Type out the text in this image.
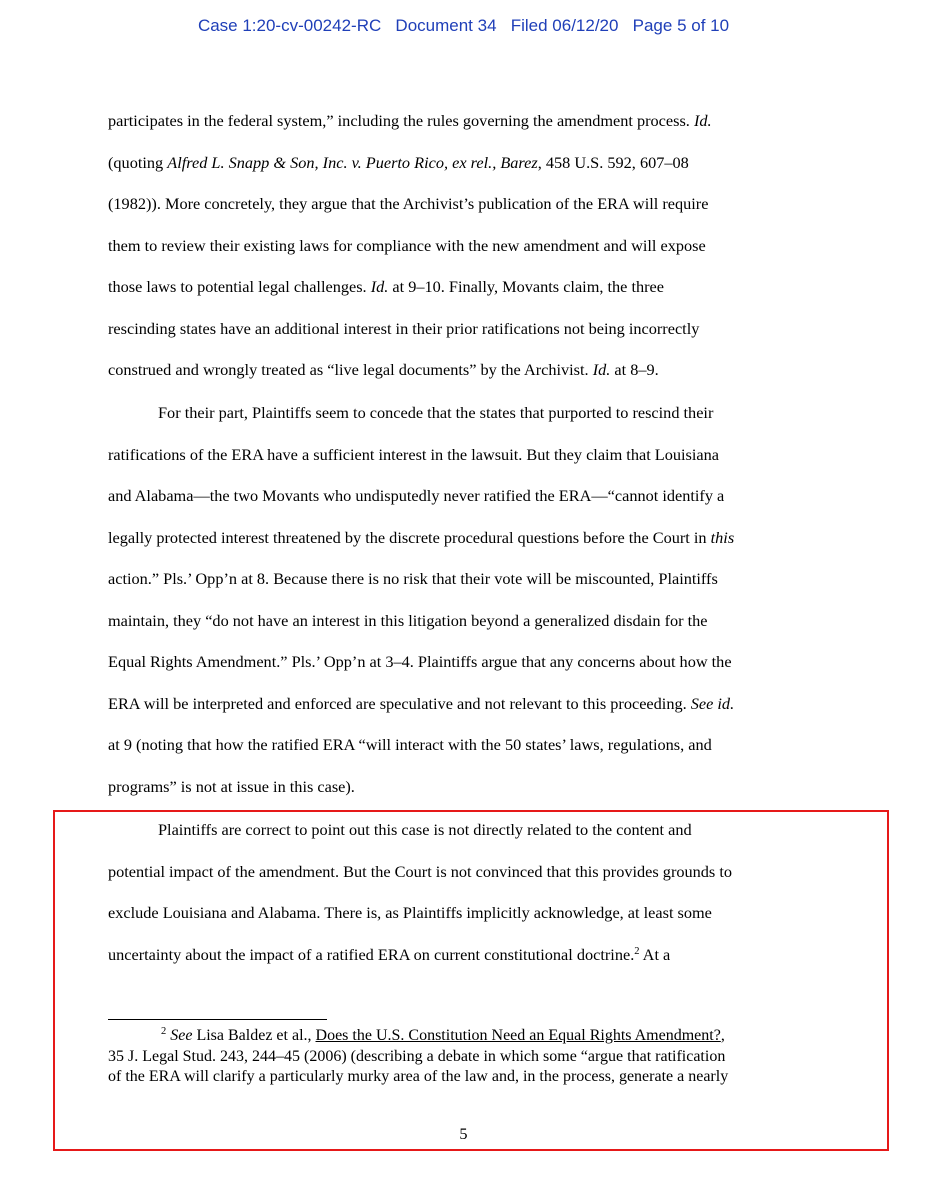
Case 1:20-cv-00242-RC Document 34 Filed 06/12/20 Page 5 of 10
participates in the federal system,” including the rules governing the amendment process. Id.
(quoting Alfred L. Snapp & Son, Inc. v. Puerto Rico, ex rel., Barez, 458 U.S. 592, 607–08
(1982)). More concretely, they argue that the Archivist’s publication of the ERA will require
them to review their existing laws for compliance with the new amendment and will expose
those laws to potential legal challenges. Id. at 9–10. Finally, Movants claim, the three
rescinding states have an additional interest in their prior ratifications not being incorrectly
construed and wrongly treated as “live legal documents” by the Archivist. Id. at 8–9.
For their part, Plaintiffs seem to concede that the states that purported to rescind their
ratifications of the ERA have a sufficient interest in the lawsuit. But they claim that Louisiana
and Alabama—the two Movants who undisputedly never ratified the ERA—“cannot identify a
legally protected interest threatened by the discrete procedural questions before the Court in this
action.” Pls.’ Opp’n at 8. Because there is no risk that their vote will be miscounted, Plaintiffs
maintain, they “do not have an interest in this litigation beyond a generalized disdain for the
Equal Rights Amendment.” Pls.’ Opp’n at 3–4. Plaintiffs argue that any concerns about how the
ERA will be interpreted and enforced are speculative and not relevant to this proceeding. See id.
at 9 (noting that how the ratified ERA “will interact with the 50 states’ laws, regulations, and
programs” is not at issue in this case).
Plaintiffs are correct to point out this case is not directly related to the content and
potential impact of the amendment. But the Court is not convinced that this provides grounds to
exclude Louisiana and Alabama. There is, as Plaintiffs implicitly acknowledge, at least some
uncertainty about the impact of a ratified ERA on current constitutional doctrine.$^2$ At a
$^2$ See Lisa Baldez et al., Does the U.S. Constitution Need an Equal Rights Amendment?,
35 J. Legal Stud. 243, 244–45 (2006) (describing a debate in which some “argue that ratification
of the ERA will clarify a particularly murky area of the law and, in the process, generate a nearly
5
